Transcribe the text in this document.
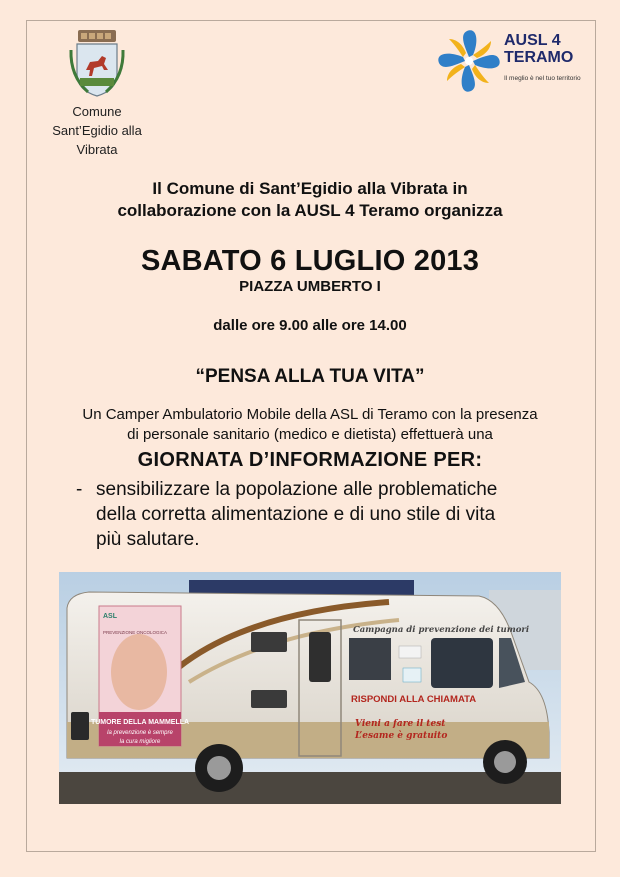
Comune
Sant’Egidio alla
Vibrata
AUSL 4
TERAMO
Il meglio è nel tuo territorio
Il Comune di Sant’Egidio alla Vibrata in
collaborazione con la AUSL 4 Teramo organizza
SABATO 6 LUGLIO 2013
PIAZZA UMBERTO I
dalle ore 9.00 alle ore 14.00
“PENSA ALLA TUA VITA”
Un Camper Ambulatorio Mobile della ASL di Teramo con la presenza
di personale sanitario (medico e dietista) effettuerà una
GIORNATA D’INFORMAZIONE PER:
- sensibilizzare la popolazione alle problematiche
della corretta alimentazione e di uno stile di vita
più salutare.
ASL
PREVENZIONE ONCOLOGICA
TUMORE DELLA MAMMELLA
la prevenzione è sempre
la cura migliore
Campagna di prevenzione dei tumori
RISPONDI ALLA CHIAMATA
Vieni a fare il test
L’esame è gratuito
